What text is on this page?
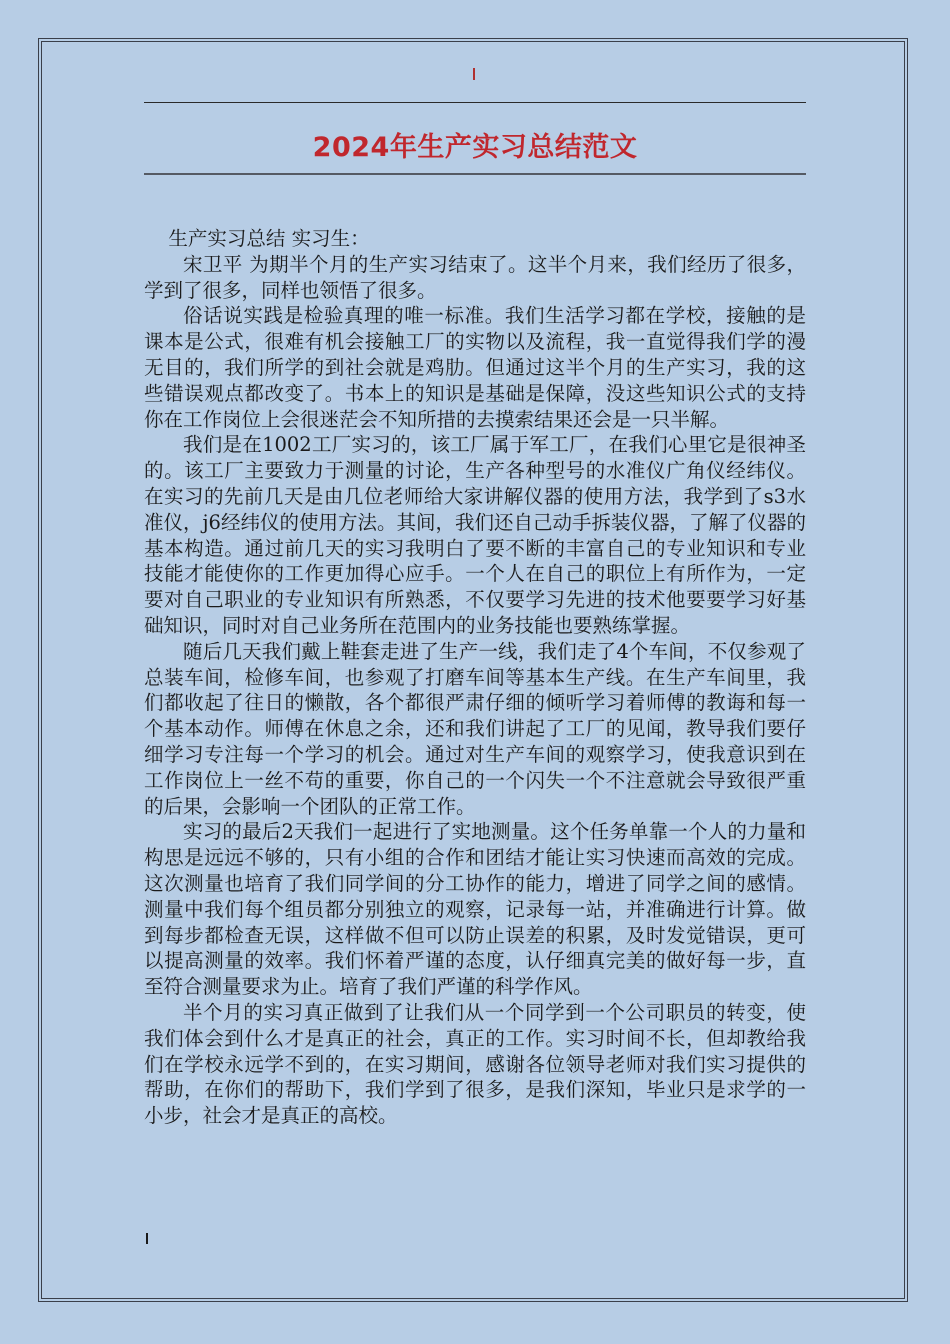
2024年生产实习总结范文

生产实习总结 实习生：

宋卫平 为期半个月的生产实习结束了。这半个月来，我们经历了很多，学到了很多，同样也领悟了很多。

俗话说实践是检验真理的唯一标准。我们生活学习都在学校，接触的是课本是公式，很难有机会接触工厂的实物以及流程，我一直觉得我们学的漫无目的，我们所学的到社会就是鸡肋。但通过这半个月的生产实习，我的这些错误观点都改变了。书本上的知识是基础是保障，没这些知识公式的支持你在工作岗位上会很迷茫会不知所措的去摸索结果还会是一只半解。

我们是在1002工厂实习的，该工厂属于军工厂，在我们心里它是很神圣的。该工厂主要致力于测量的讨论，生产各种型号的水准仪广角仪经纬仪。在实习的先前几天是由几位老师给大家讲解仪器的使用方法，我学到了s3水准仪，j6经纬仪的使用方法。其间，我们还自己动手拆装仪器，了解了仪器的基本构造。通过前几天的实习我明白了要不断的丰富自己的专业知识和专业技能才能使你的工作更加得心应手。一个人在自己的职位上有所作为，一定要对自己职业的专业知识有所熟悉，不仅要学习先进的技术他要要学习好基础知识，同时对自己业务所在范围内的业务技能也要熟练掌握。

随后几天我们戴上鞋套走进了生产一线，我们走了4个车间，不仅参观了总装车间，检修车间，也参观了打磨车间等基本生产线。在生产车间里，我们都收起了往日的懒散，各个都很严肃仔细的倾听学习着师傅的教诲和每一个基本动作。师傅在休息之余，还和我们讲起了工厂的见闻，教导我们要仔细学习专注每一个学习的机会。通过对生产车间的观察学习，使我意识到在工作岗位上一丝不苟的重要，你自己的一个闪失一个不注意就会导致很严重的后果，会影响一个团队的正常工作。

实习的最后2天我们一起进行了实地测量。这个任务单靠一个人的力量和构思是远远不够的，只有小组的合作和团结才能让实习快速而高效的完成。这次测量也培育了我们同学间的分工协作的能力，增进了同学之间的感情。测量中我们每个组员都分别独立的观察，记录每一站，并准确进行计算。做到每步都检查无误，这样做不但可以防止误差的积累，及时发觉错误，更可以提高测量的效率。我们怀着严谨的态度，认仔细真完美的做好每一步，直至符合测量要求为止。培育了我们严谨的科学作风。

半个月的实习真正做到了让我们从一个同学到一个公司职员的转变，使我们体会到什么才是真正的社会，真正的工作。实习时间不长，但却教给我们在学校永远学不到的，在实习期间，感谢各位领导老师对我们实习提供的帮助，在你们的帮助下，我们学到了很多，是我们深知，毕业只是求学的一小步，社会才是真正的高校。
